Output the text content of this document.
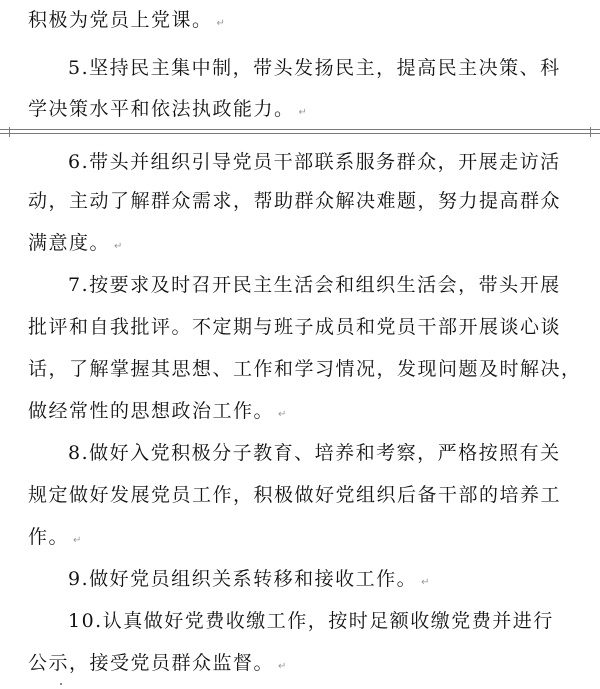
积极为党员上党课。 ↵
5.坚持民主集中制，带头发扬民主，提高民主决策、科
学决策水平和依法执政能力。 ↵
6.带头并组织引导党员干部联系服务群众，开展走访活
动，主动了解群众需求，帮助群众解决难题，努力提高群众
满意度。 ↵
7.按要求及时召开民主生活会和组织生活会，带头开展
批评和自我批评。不定期与班子成员和党员干部开展谈心谈
话，了解掌握其思想、工作和学习情况，发现问题及时解决，
做经常性的思想政治工作。 ↵
8.做好入党积极分子教育、培养和考察，严格按照有关
规定做好发展党员工作，积极做好党组织后备干部的培养工
作。 ↵
9.做好党员组织关系转移和接收工作。 ↵
10.认真做好党费收缴工作，按时足额收缴党费并进行
公示，接受党员群众监督。 ↵
